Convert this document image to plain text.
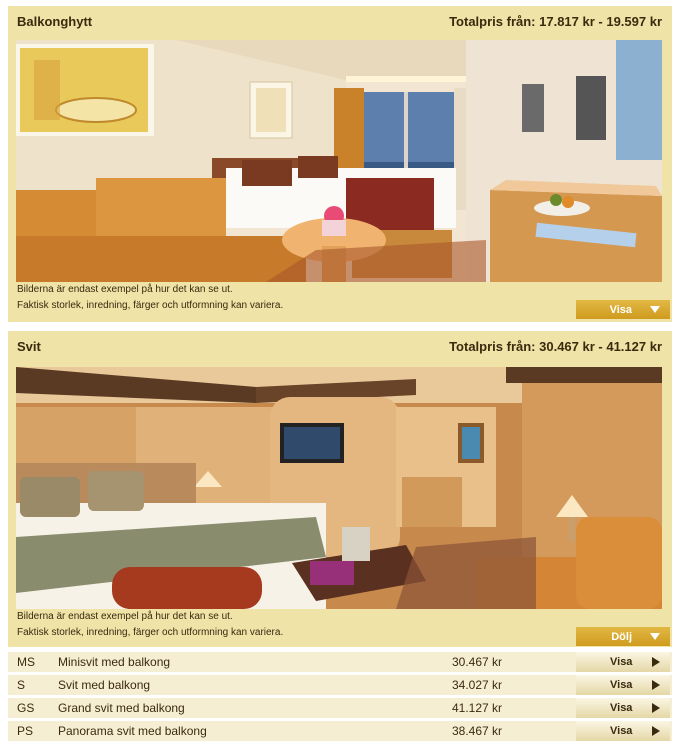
Balkonghytt	Totalpris från: 17.817 kr - 19.597 kr
Bilderna är endast exempel på hur det kan se ut.
Faktisk storlek, inredning, färger och utformning kan variera.	Visa
Svit	Totalpris från: 30.467 kr - 41.127 kr
Bilderna är endast exempel på hur det kan se ut.
Faktisk storlek, inredning, färger och utformning kan variera.	Dölj
MS Minisvit med balkong	30.467 kr	Visa
S	Svit med balkong	34.027 kr	Visa
GS Grand svit med balkong	41.127 kr	Visa
PS Panorama svit med balkong	38.467 kr	Visa
